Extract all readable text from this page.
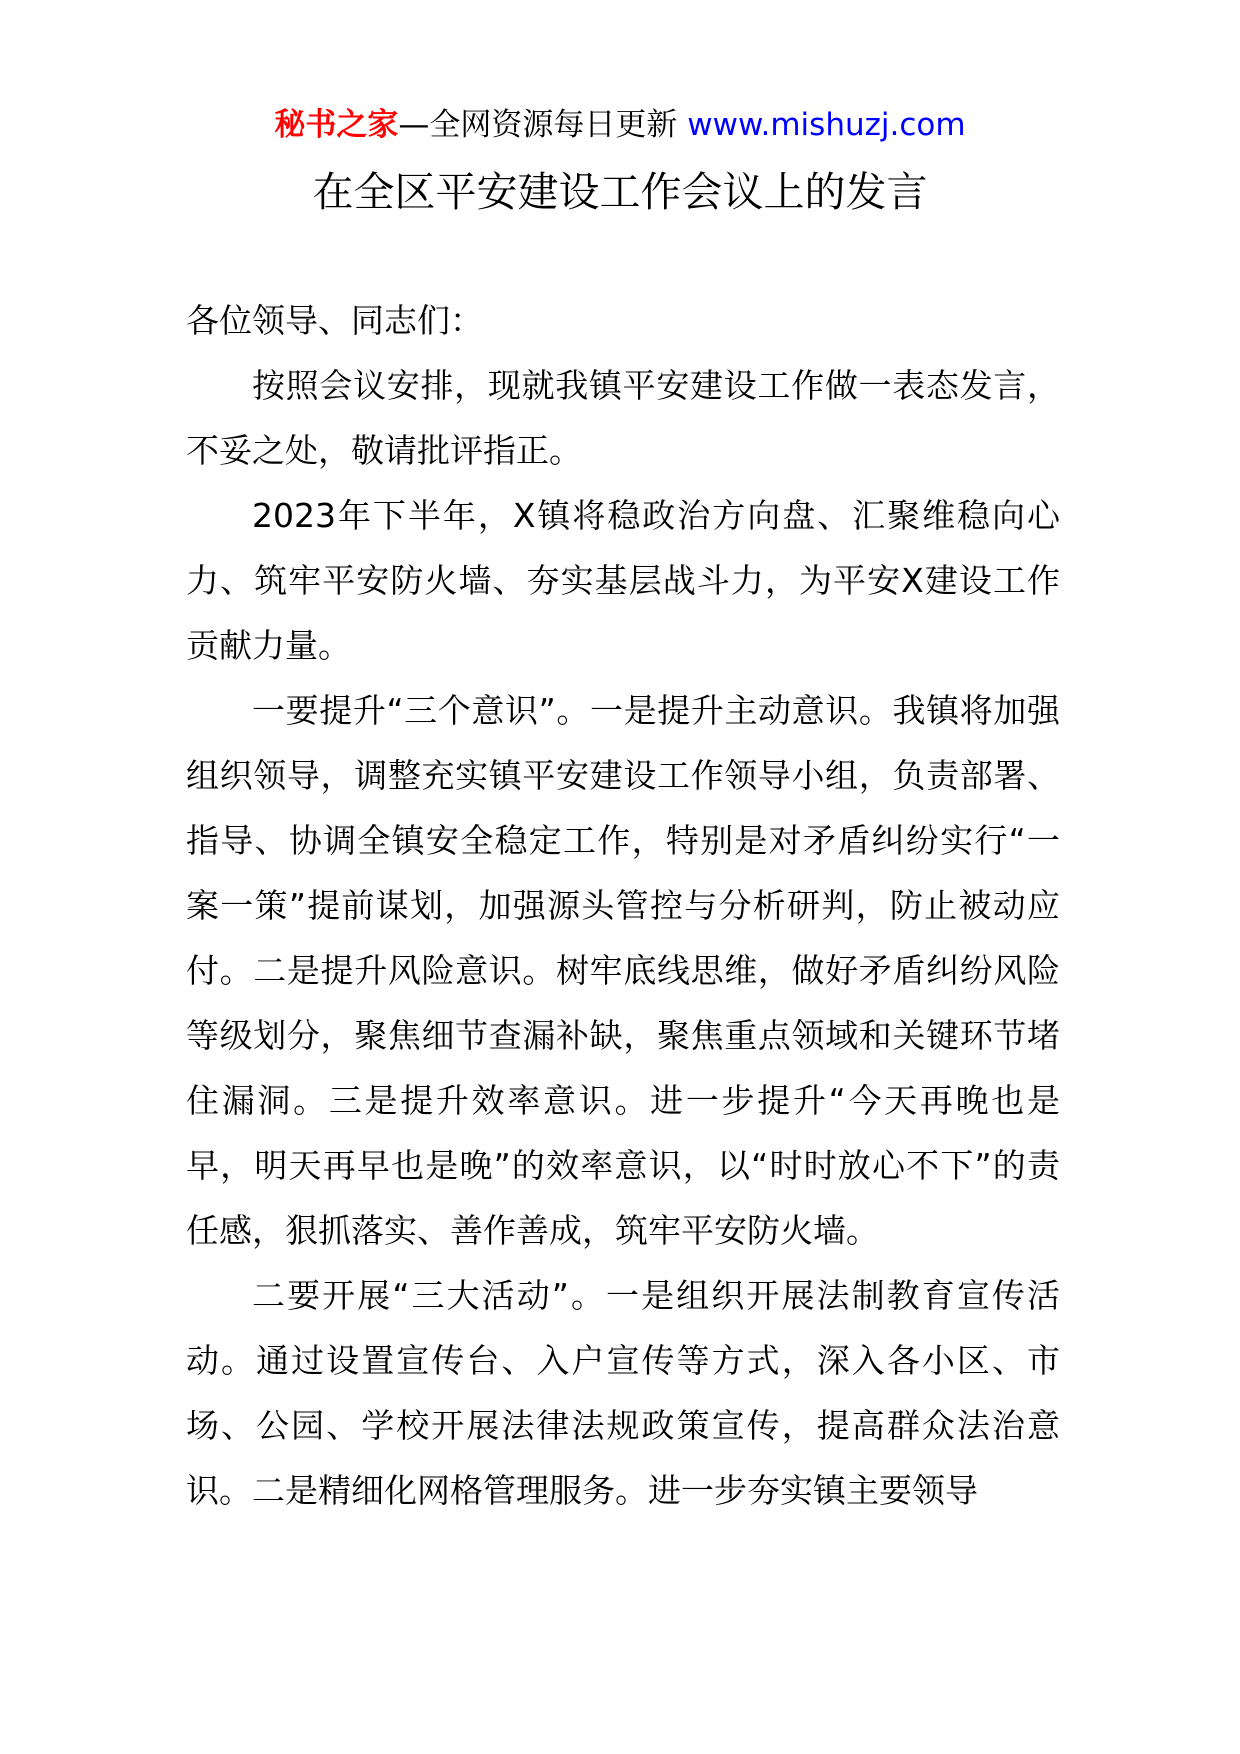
秘书之家—全网资源每日更新 www.mishuzj.com
在全区平安建设工作会议上的发言

各位领导、同志们：

按照会议安排，现就我镇平安建设工作做一表态发言，不妥之处，敬请批评指正。

2023年下半年，X镇将稳政治方向盘、汇聚维稳向心力、筑牢平安防火墙、夯实基层战斗力，为平安X建设工作贡献力量。

一要提升“三个意识”。一是提升主动意识。我镇将加强组织领导，调整充实镇平安建设工作领导小组，负责部署、指导、协调全镇安全稳定工作，特别是对矛盾纠纷实行“一案一策”提前谋划，加强源头管控与分析研判，防止被动应付。二是提升风险意识。树牢底线思维，做好矛盾纠纷风险等级划分，聚焦细节查漏补缺，聚焦重点领域和关键环节堵住漏洞。三是提升效率意识。进一步提升“今天再晚也是早，明天再早也是晚”的效率意识，以“时时放心不下”的责任感，狠抓落实、善作善成，筑牢平安防火墙。

二要开展“三大活动”。一是组织开展法制教育宣传活动。通过设置宣传台、入户宣传等方式，深入各小区、市场、公园、学校开展法律法规政策宣传，提高群众法治意识。二是精细化网格管理服务。进一步夯实镇主要领导
